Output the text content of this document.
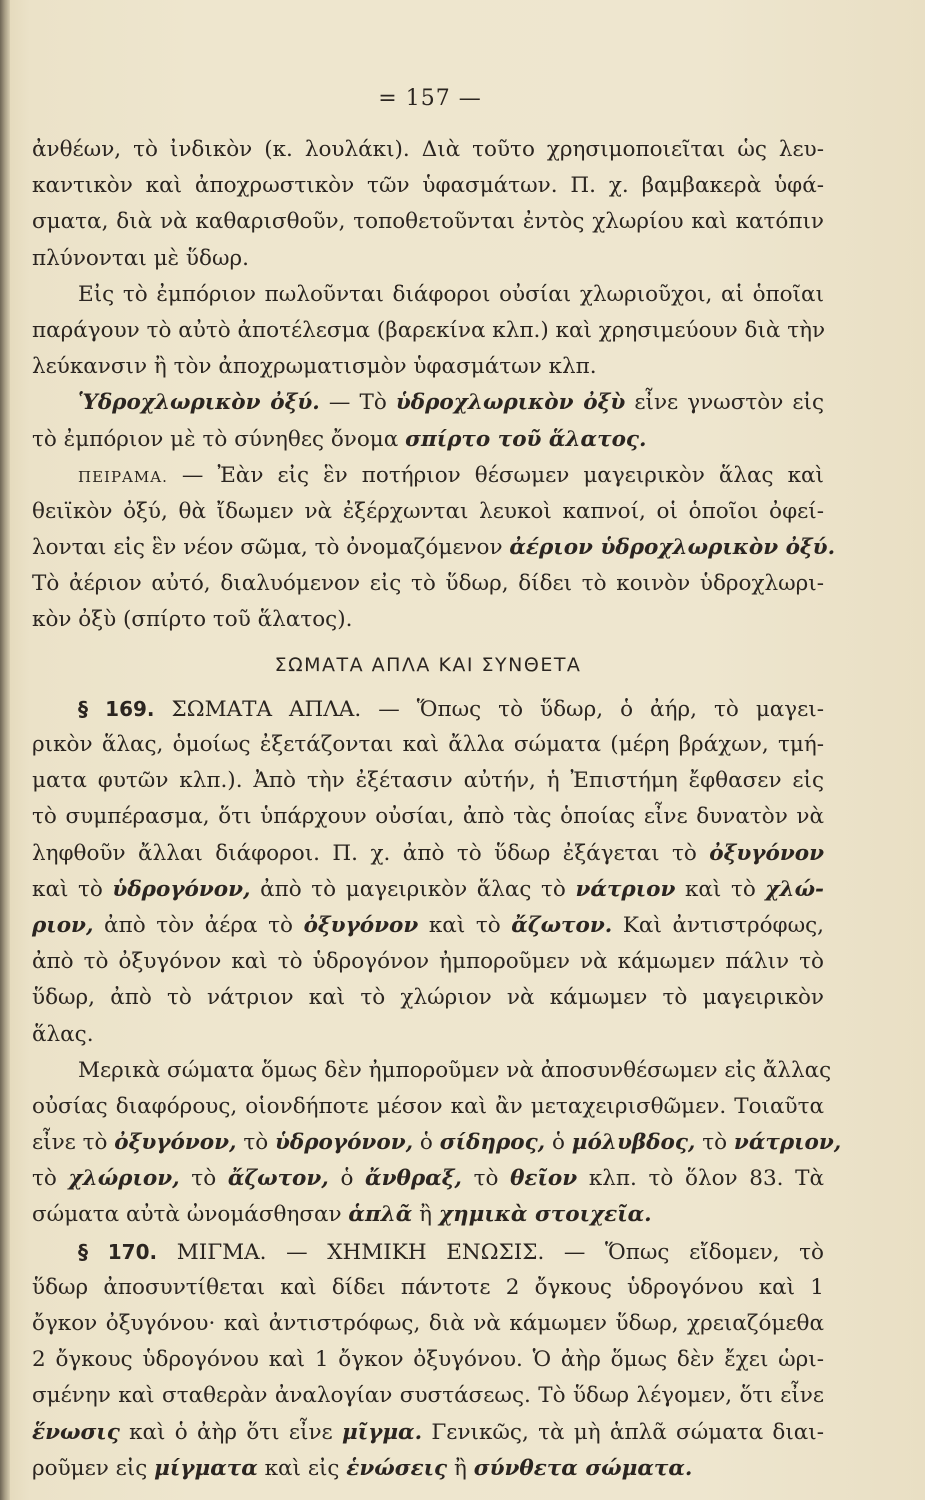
= 157 —
ἀνθέων, τὸ ἰνδικὸν (κ. λουλάκι). Διὰ τοῦτο χρησιμοποιεῖται ὡς λευ-
καντικὸν καὶ ἀποχρωστικὸν τῶν ὑφασμάτων. Π. χ. βαμβακερὰ ὑφά-
σματα, διὰ νὰ καθαρισθοῦν, τοποθετοῦνται ἐντὸς χλωρίου καὶ κατόπιν
πλύνονται μὲ ὕδωρ.
Εἰς τὸ ἐμπόριον πωλοῦνται διάφοροι οὐσίαι χλωριοῦχοι, αἱ ὁποῖαι
παράγουν τὸ αὐτὸ ἀποτέλεσμα (βαρεκίνα κλπ.) καὶ χρησιμεύουν διὰ τὴν
λεύκανσιν ἢ τὸν ἀποχρωματισμὸν ὑφασμάτων κλπ.
Ὑδροχλωρικὸν ὀξύ. — Τὸ ὑδροχλωρικὸν ὀξὺ εἶνε γνωστὸν εἰς
τὸ ἐμπόριον μὲ τὸ σύνηθες ὄνομα σπίρτο τοῦ ἅλατος.
ΠΕΙΡΑΜΑ. — Ἐὰν εἰς ἓν ποτήριον θέσωμεν μαγειρικὸν ἅλας καὶ
θειϊκὸν ὀξύ, θὰ ἴδωμεν νὰ ἐξέρχωνται λευκοὶ καπνοί, οἱ ὁποῖοι ὀφεί-
λονται εἰς ἓν νέον σῶμα, τὸ ὀνομαζόμενον ἀέριον ὑδροχλωρικὸν ὀξύ.
Τὸ ἀέριον αὐτό, διαλυόμενον εἰς τὸ ὕδωρ, δίδει τὸ κοινὸν ὑδροχλωρι-
κὸν ὀξὺ (σπίρτο τοῦ ἅλατος).
ΣΩΜΑΤΑ ΑΠΛΑ ΚΑΙ ΣΥΝΘΕΤΑ
§ 169. ΣΩΜΑΤΑ ΑΠΛΑ. — Ὅπως τὸ ὕδωρ, ὁ ἀήρ, τὸ μαγει-
ρικὸν ἅλας, ὁμοίως ἐξετάζονται καὶ ἄλλα σώματα (μέρη βράχων, τμή-
ματα φυτῶν κλπ.). Ἀπὸ τὴν ἐξέτασιν αὐτήν, ἡ Ἐπιστήμη ἔφθασεν εἰς
τὸ συμπέρασμα, ὅτι ὑπάρχουν οὐσίαι, ἀπὸ τὰς ὁποίας εἶνε δυνατὸν νὰ
ληφθοῦν ἄλλαι διάφοροι. Π. χ. ἀπὸ τὸ ὕδωρ ἐξάγεται τὸ ὀξυγόνον
καὶ τὸ ὑδρογόνον, ἀπὸ τὸ μαγειρικὸν ἅλας τὸ νάτριον καὶ τὸ χλώ-
ριον, ἀπὸ τὸν ἀέρα τὸ ὀξυγόνον καὶ τὸ ἄζωτον. Καὶ ἀντιστρόφως,
ἀπὸ τὸ ὀξυγόνον καὶ τὸ ὑδρογόνον ἠμποροῦμεν νὰ κάμωμεν πάλιν τὸ
ὕδωρ, ἀπὸ τὸ νάτριον καὶ τὸ χλώριον νὰ κάμωμεν τὸ μαγειρικὸν
ἅλας.
Μερικὰ σώματα ὅμως δὲν ἠμποροῦμεν νὰ ἀποσυνθέσωμεν εἰς ἄλλας
οὐσίας διαφόρους, οἱονδήποτε μέσον καὶ ἂν μεταχειρισθῶμεν. Τοιαῦτα
εἶνε τὸ ὀξυγόνον, τὸ ὑδρογόνον, ὁ σίδηρος, ὁ μόλυβδος, τὸ νάτριον,
τὸ χλώριον, τὸ ἄζωτον, ὁ ἄνθραξ, τὸ θεῖον κλπ. τὸ ὅλον 83. Τὰ
σώματα αὐτὰ ὠνομάσθησαν ἁπλᾶ ἢ χημικὰ στοιχεῖα.
§ 170. ΜΙΓΜΑ. — ΧΗΜΙΚΗ ΕΝΩΣΙΣ. — Ὅπως εἴδομεν, τὸ
ὕδωρ ἀποσυντίθεται καὶ δίδει πάντοτε 2 ὄγκους ὑδρογόνου καὶ 1
ὄγκον ὀξυγόνου· καὶ ἀντιστρόφως, διὰ νὰ κάμωμεν ὕδωρ, χρειαζόμεθα
2 ὄγκους ὑδρογόνου καὶ 1 ὄγκον ὀξυγόνου. Ὁ ἀὴρ ὅμως δὲν ἔχει ὡρι-
σμένην καὶ σταθερὰν ἀναλογίαν συστάσεως. Τὸ ὕδωρ λέγομεν, ὅτι εἶνε
ἕνωσις καὶ ὁ ἀὴρ ὅτι εἶνε μῖγμα. Γενικῶς, τὰ μὴ ἁπλᾶ σώματα διαι-
ροῦμεν εἰς μίγματα καὶ εἰς ἑνώσεις ἢ σύνθετα σώματα.
